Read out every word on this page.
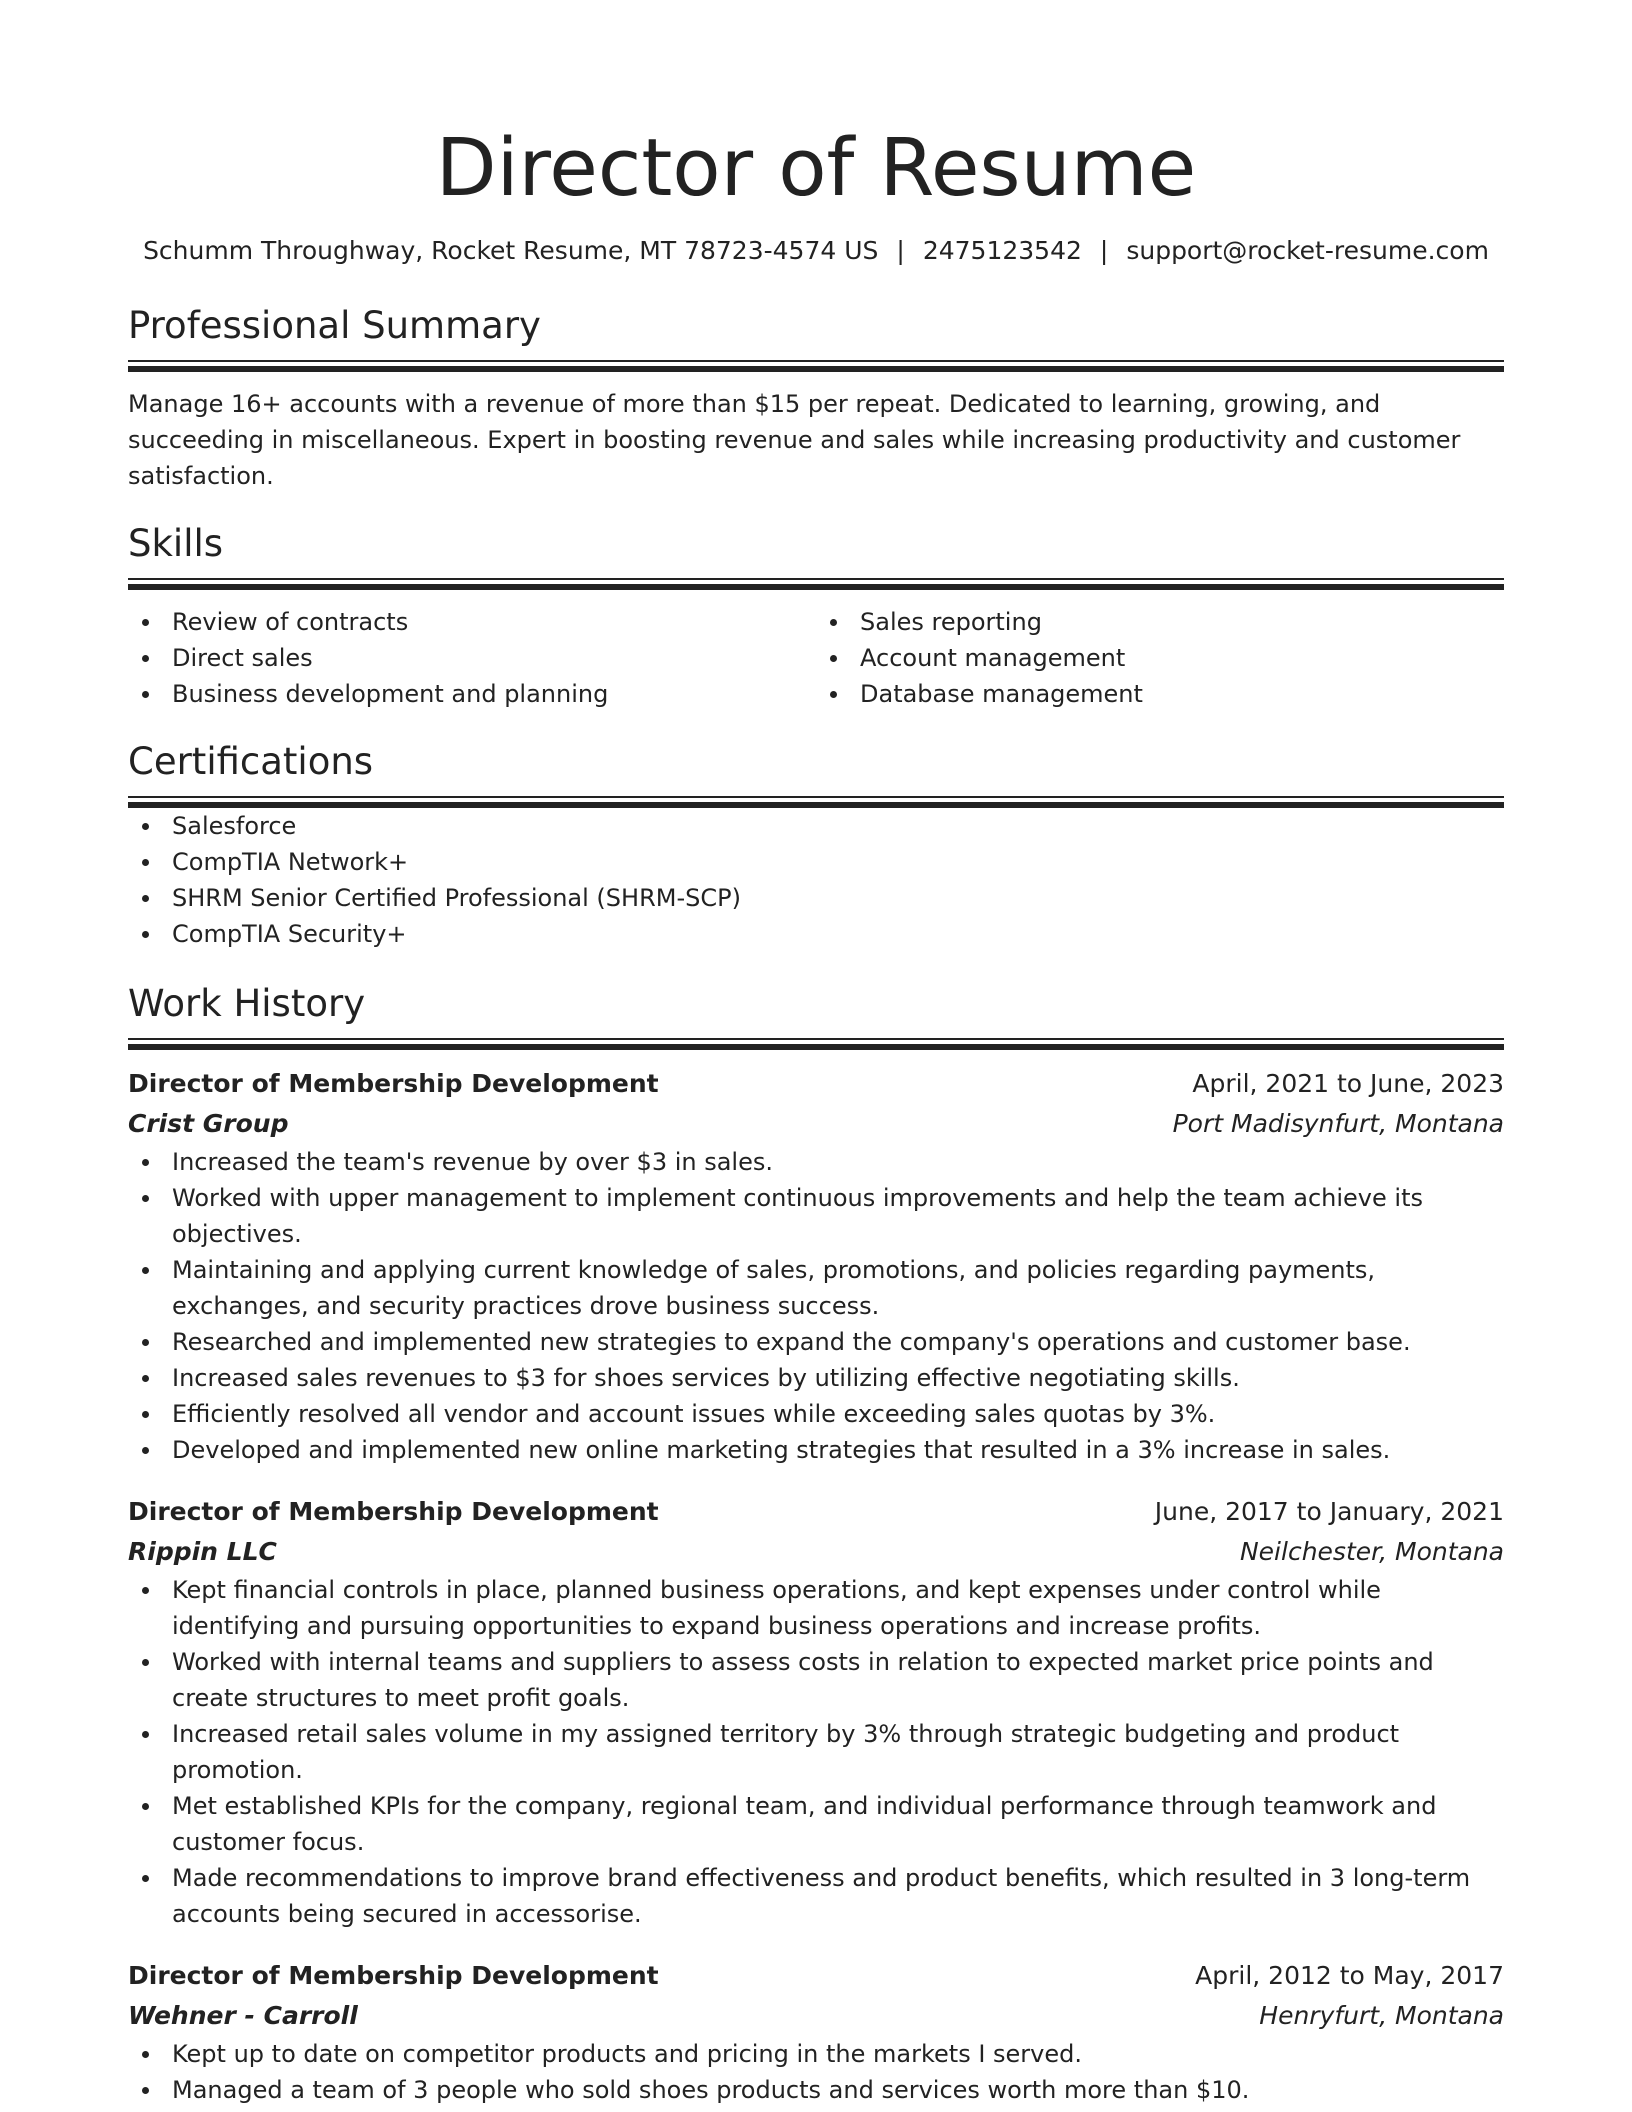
Director of Resume
Schumm Throughway, Rocket Resume, MT 78723-4574 US | 2475123542 | support@rocket-resume.com
Professional Summary

Manage 16+ accounts with a revenue of more than $15 per repeat. Dedicated to learning, growing, and succeeding in miscellaneous. Expert in boosting revenue and sales while increasing productivity and customer satisfaction.

Skills
Review of contracts
Direct sales
Business development and planning
Sales reporting
Account management
Database management
Certifications
Salesforce
CompTIA Network+
SHRM Senior Certified Professional (SHRM-SCP)
CompTIA Security+
Work History
Director of Membership Development	April, 2021 to June, 2023
Crist Group	Port Madisynfurt, Montana
Increased the team's revenue by over $3 in sales.
Worked with upper management to implement continuous improvements and help the team achieve its objectives.
Maintaining and applying current knowledge of sales, promotions, and policies regarding payments, exchanges, and security practices drove business success.
Researched and implemented new strategies to expand the company's operations and customer base.
Increased sales revenues to $3 for shoes services by utilizing effective negotiating skills.
Efficiently resolved all vendor and account issues while exceeding sales quotas by 3%.
Developed and implemented new online marketing strategies that resulted in a 3% increase in sales.
Director of Membership Development	June, 2017 to January, 2021
Rippin LLC	Neilchester, Montana
Kept financial controls in place, planned business operations, and kept expenses under control while identifying and pursuing opportunities to expand business operations and increase profits.
Worked with internal teams and suppliers to assess costs in relation to expected market price points and create structures to meet profit goals.
Increased retail sales volume in my assigned territory by 3% through strategic budgeting and product promotion.
Met established KPIs for the company, regional team, and individual performance through teamwork and customer focus.
Made recommendations to improve brand effectiveness and product benefits, which resulted in 3 long-term accounts being secured in accessorise.
Director of Membership Development	April, 2012 to May, 2017
Wehner - Carroll	Henryfurt, Montana
Kept up to date on competitor products and pricing in the markets I served.
Managed a team of 3 people who sold shoes products and services worth more than $10.
